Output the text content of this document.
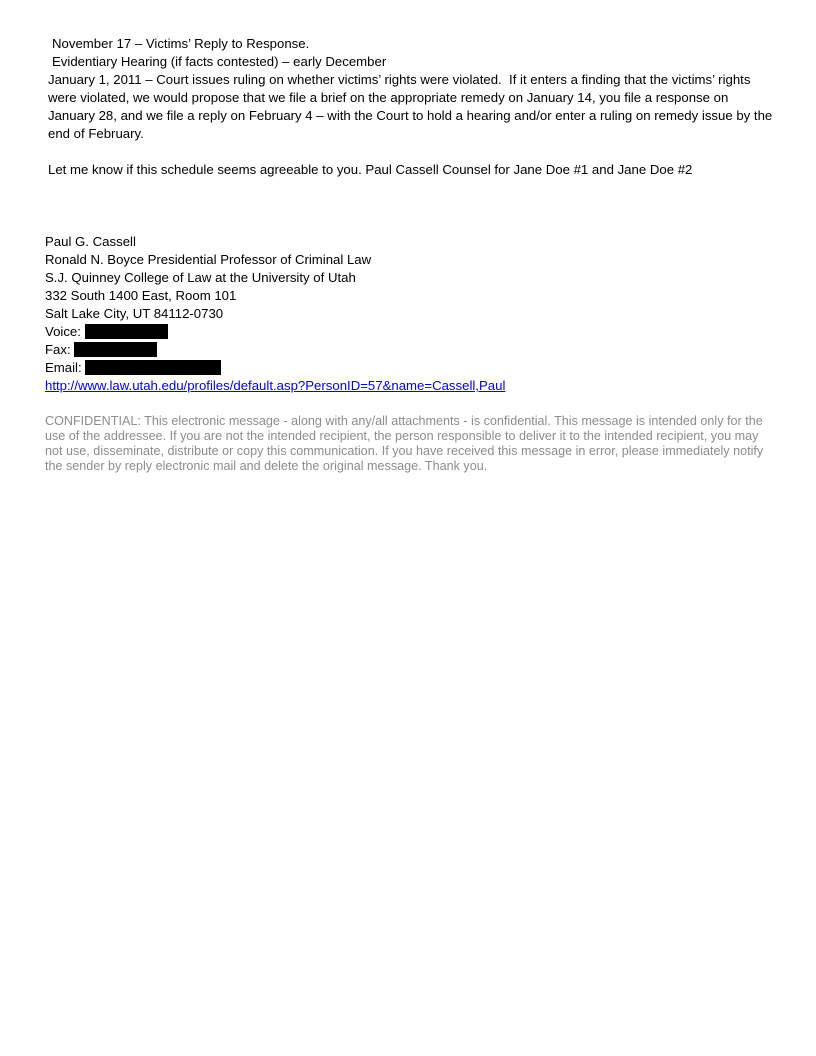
November 17 – Victims’ Reply to Response.
Evidentiary Hearing (if facts contested) – early December
January 1, 2011 – Court issues ruling on whether victims’ rights were violated.  If it enters a finding that the victims’ rights were violated, we would propose that we file a brief on the appropriate remedy on January 14, you file a response on January 28, and we file a reply on February 4 – with the Court to hold a hearing and/or enter a ruling on remedy issue by the end of February.
Let me know if this schedule seems agreeable to you. Paul Cassell Counsel for Jane Doe #1 and Jane Doe #2
Paul G. Cassell
Ronald N. Boyce Presidential Professor of Criminal Law
S.J. Quinney College of Law at the University of Utah
332 South 1400 East, Room 101
Salt Lake City, UT 84112-0730
Voice:
Fax:
Email:
http://www.law.utah.edu/profiles/default.asp?PersonID=57&name=Cassell,Paul
CONFIDENTIAL: This electronic message - along with any/all attachments - is confidential. This message is intended only for the use of the addressee. If you are not the intended recipient, the person responsible to deliver it to the intended recipient, you may not use, disseminate, distribute or copy this communication. If you have received this message in error, please immediately notify the sender by reply electronic mail and delete the original message. Thank you.
